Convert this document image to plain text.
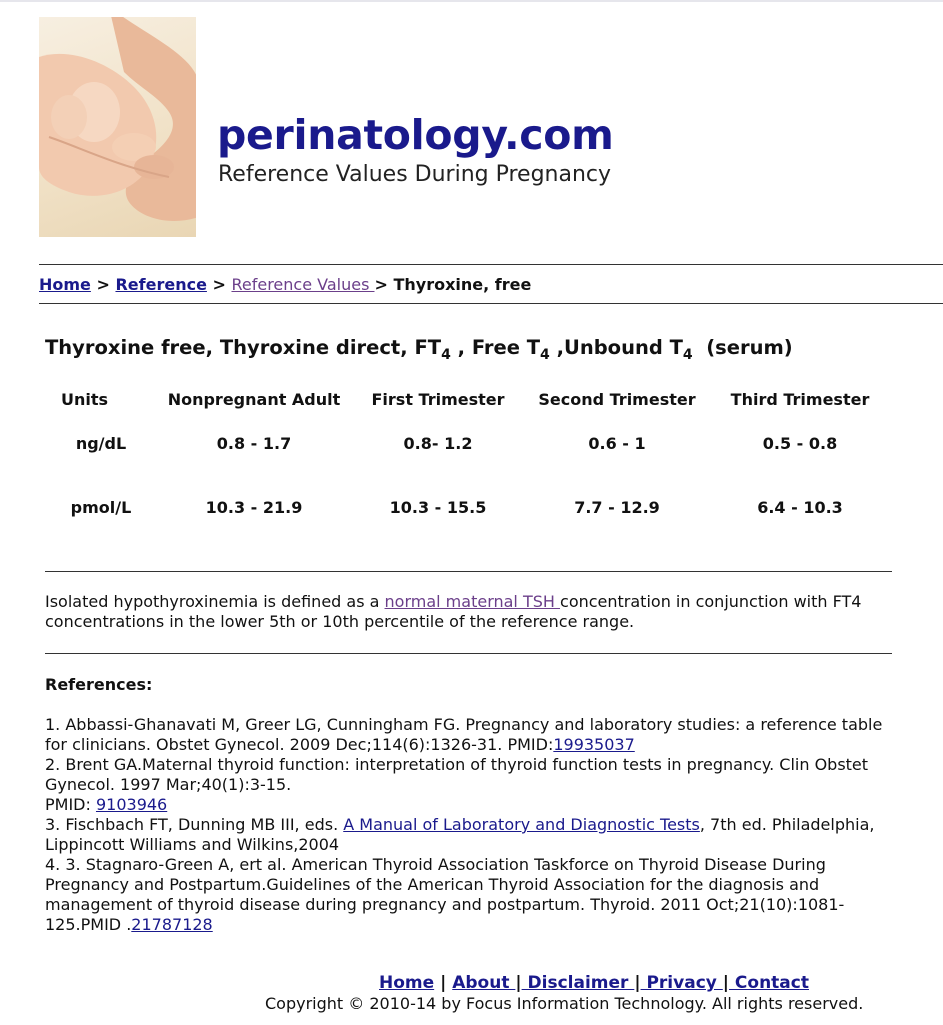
perinatology.com
Reference Values During Pregnancy
Home > Reference > Reference Values > Thyroxine, free
Thyroxine free, Thyroxine direct, $FT_4$ , Free $T_4$ ,Unbound $T_4$  (serum)
Units	Nonpregnant Adult	First Trimester	Second Trimester	Third Trimester
ng/dL	0.8 - 1.7	0.8- 1.2	0.6 - 1	0.5 - 0.8
pmol/L	10.3 - 21.9	10.3 - 15.5	7.7 - 12.9	6.4 - 10.3
Isolated hypothyroxinemia is defined as a normal maternal TSH concentration in conjunction with FT4 concentrations in the lower 5th or 10th percentile of the reference range.
References:
1. Abbassi-Ghanavati M, Greer LG, Cunningham FG. Pregnancy and laboratory studies: a reference table for clinicians. Obstet Gynecol. 2009 Dec;114(6):1326-31. PMID:19935037
2. Brent GA.Maternal thyroid function: interpretation of thyroid function tests in pregnancy. Clin Obstet Gynecol. 1997 Mar;40(1):3-15.
PMID: 9103946
3. Fischbach FT, Dunning MB III, eds. A Manual of Laboratory and Diagnostic Tests, 7th ed. Philadelphia, Lippincott Williams and Wilkins,2004
4. 3. Stagnaro-Green A, ert al. American Thyroid Association Taskforce on Thyroid Disease During Pregnancy and Postpartum.Guidelines of the American Thyroid Association for the diagnosis and management of thyroid disease during pregnancy and postpartum. Thyroid. 2011 Oct;21(10):1081-125.PMID .21787128
Home | About | Disclaimer | Privacy | Contact
Copyright © 2010-14 by Focus Information Technology. All rights reserved.
